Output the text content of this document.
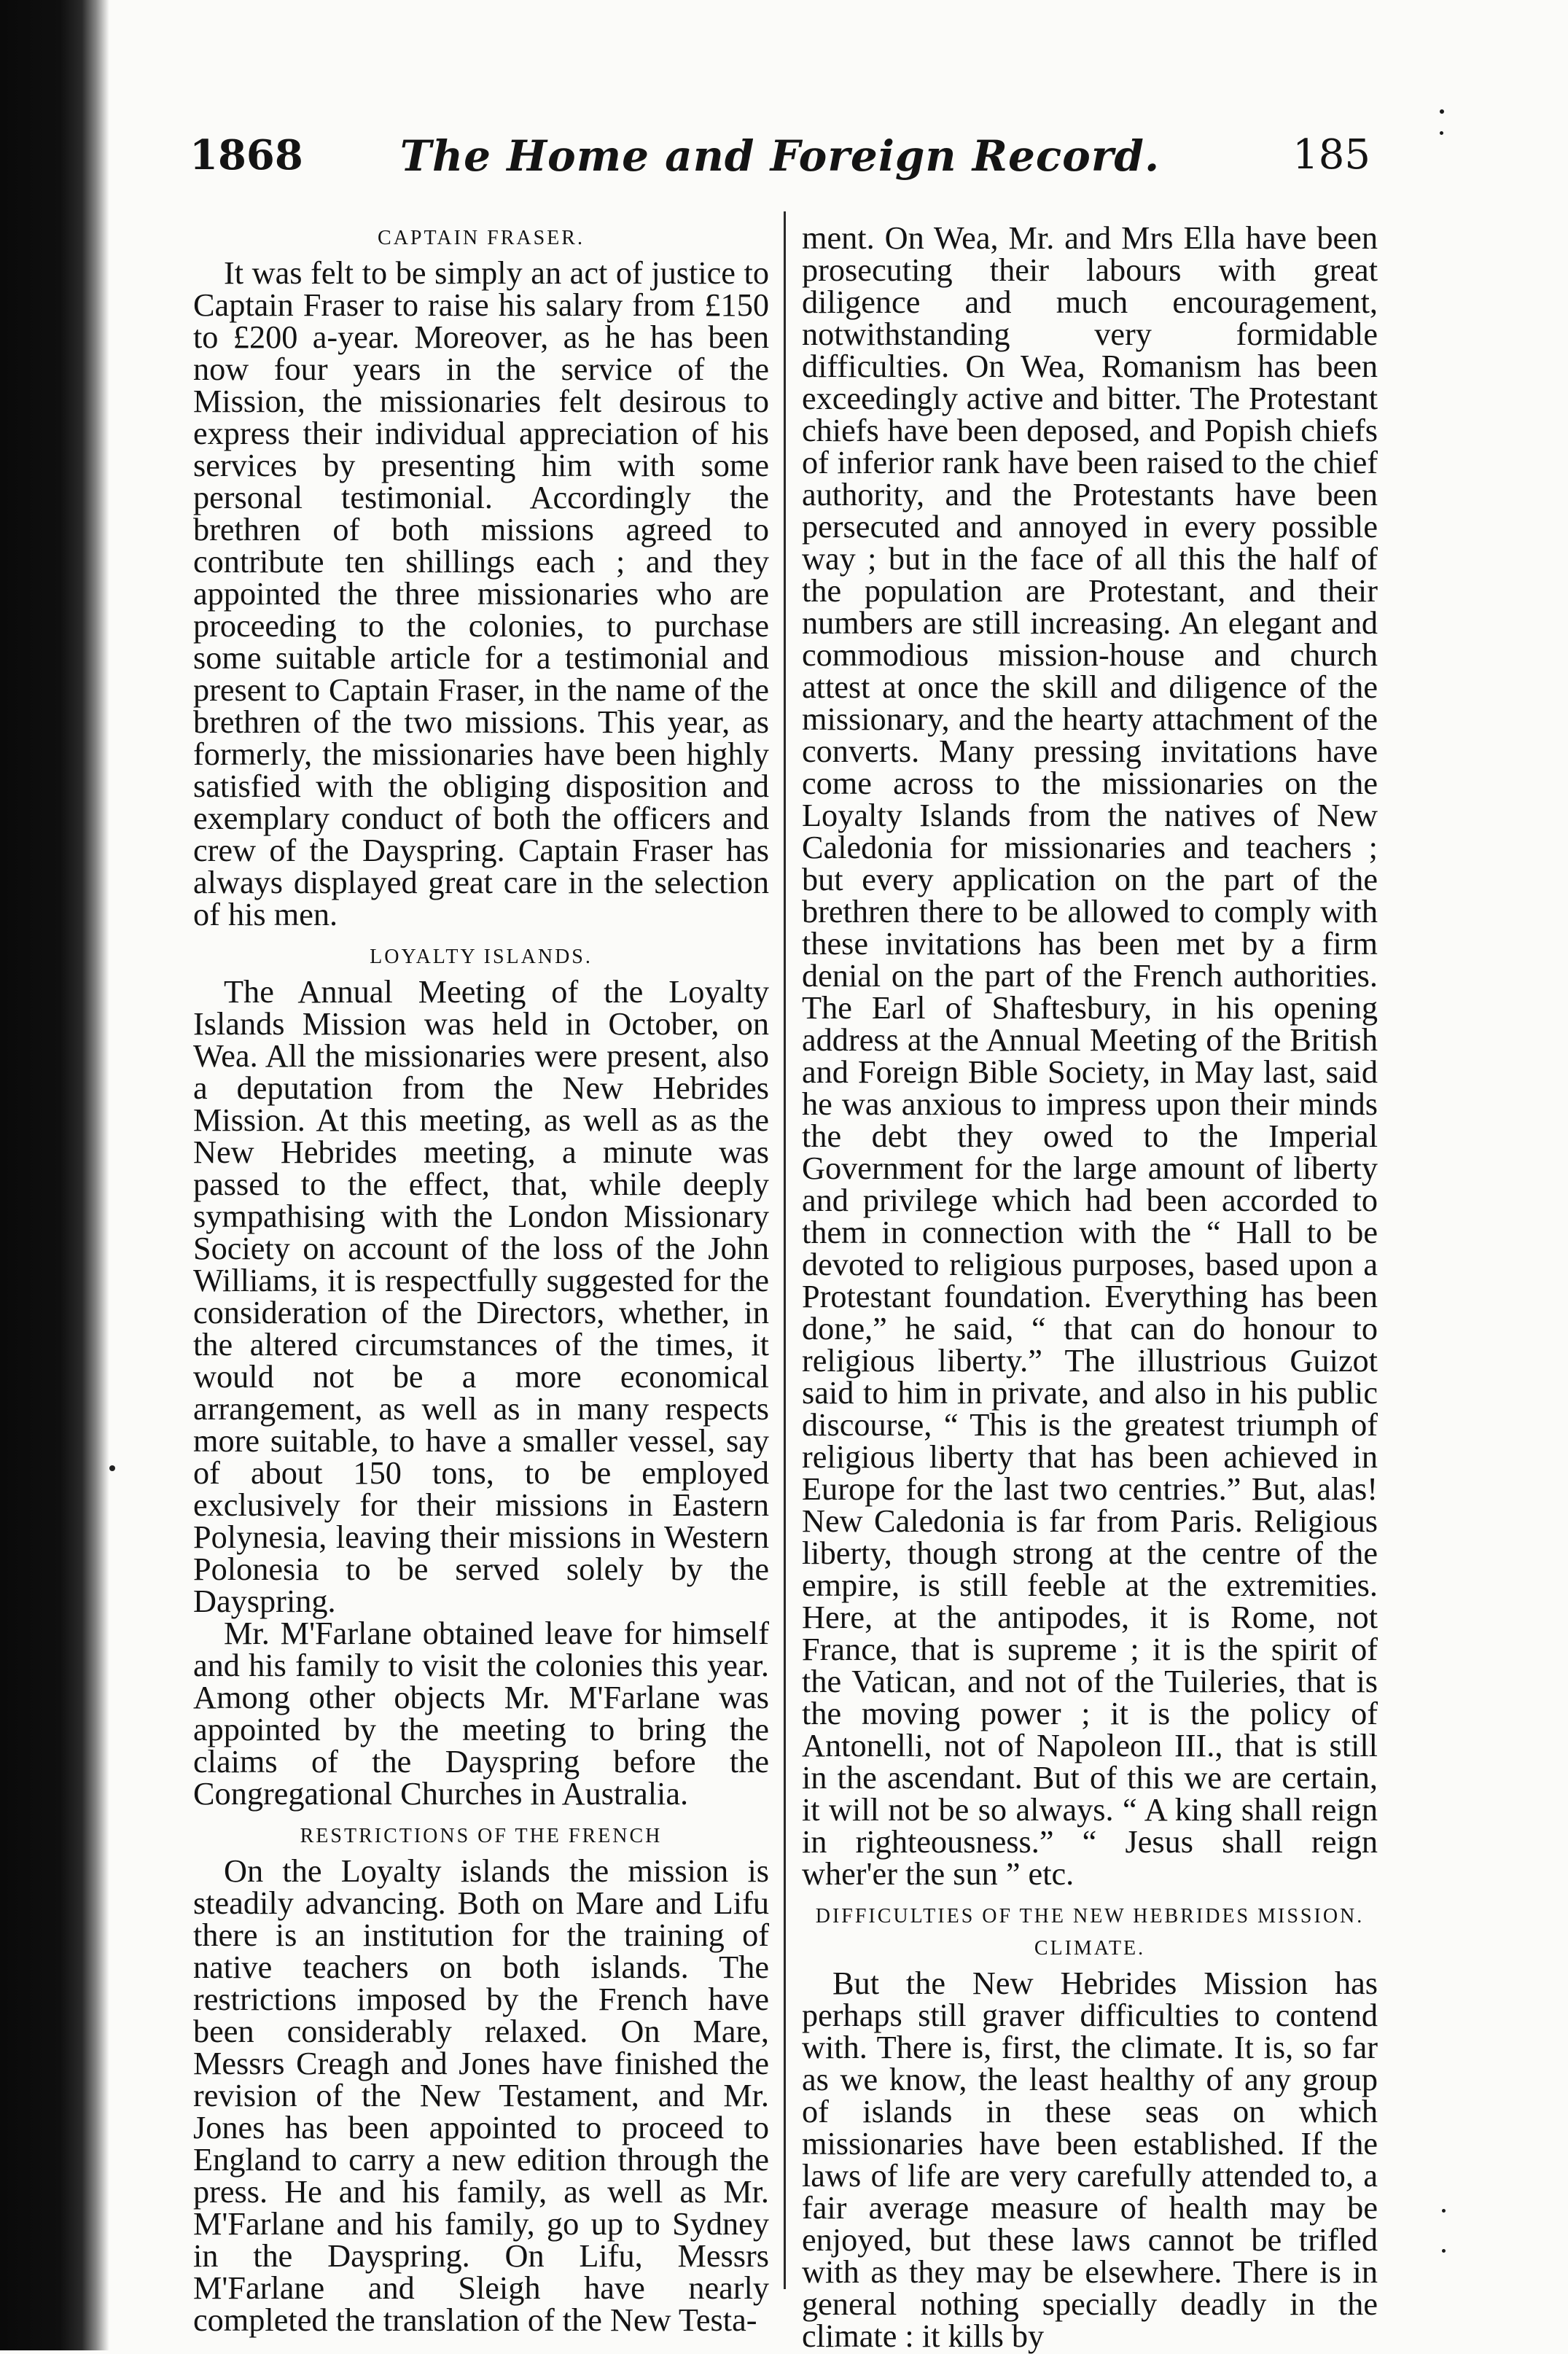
1868	The Home and Foreign Record.	185
CAPTAIN FRASER.

It was felt to be simply an act of justice to Captain Fraser to raise his salary from £150 to £200 a-year. Moreover, as he has been now four years in the service of the Mission, the missionaries felt desirous to express their individual appreciation of his services by presenting him with some personal testimonial. Accordingly the brethren of both missions agreed to contribute ten shillings each ; and they appointed the three missionaries who are proceeding to the colonies, to purchase some suitable article for a testimonial and present to Captain Fraser, in the name of the brethren of the two missions. This year, as formerly, the missionaries have been highly satisfied with the obliging disposition and exemplary conduct of both the officers and crew of the Dayspring. Captain Fraser has always displayed great care in the selection of his men.

LOYALTY ISLANDS.

The Annual Meeting of the Loyalty Islands Mission was held in October, on Wea. All the missionaries were present, also a deputation from the New Hebrides Mission. At this meeting, as well as as the New Hebrides meeting, a minute was passed to the effect, that, while deeply sympathising with the London Missionary Society on account of the loss of the John Williams, it is respectfully suggested for the consideration of the Directors, whether, in the altered circumstances of the times, it would not be a more economical arrangement, as well as in many respects more suitable, to have a smaller vessel, say of about 150 tons, to be employed exclusively for their missions in Eastern Polynesia, leaving their missions in Western Polonesia to be served solely by the Dayspring.

Mr. M'Farlane obtained leave for himself and his family to visit the colonies this year. Among other objects Mr. M'Farlane was appointed by the meeting to bring the claims of the Dayspring before the Congregational Churches in Australia.

RESTRICTIONS OF THE FRENCH

On the Loyalty islands the mission is steadily advancing. Both on Mare and Lifu there is an institution for the training of native teachers on both islands. The restrictions imposed by the French have been considerably relaxed. On Mare, Messrs Creagh and Jones have finished the revision of the New Testament, and Mr. Jones has been appointed to proceed to England to carry a new edition through the press. He and his family, as well as Mr. M'Farlane and his family, go up to Sydney in the Dayspring. On Lifu, Messrs M'Farlane and Sleigh have nearly completed the translation of the New Testa-

ment. On Wea, Mr. and Mrs Ella have been prosecuting their labours with great diligence and much encouragement, notwithstanding very formidable difficulties. On Wea, Romanism has been exceedingly active and bitter. The Protestant chiefs have been deposed, and Popish chiefs of inferior rank have been raised to the chief authority, and the Protestants have been persecuted and annoyed in every possible way ; but in the face of all this the half of the population are Protestant, and their numbers are still increasing. An elegant and commodious mission-house and church attest at once the skill and diligence of the missionary, and the hearty attachment of the converts. Many pressing invitations have come across to the missionaries on the Loyalty Islands from the natives of New Caledonia for missionaries and teachers ; but every application on the part of the brethren there to be allowed to comply with these invitations has been met by a firm denial on the part of the French authorities. The Earl of Shaftesbury, in his opening address at the Annual Meeting of the British and Foreign Bible Society, in May last, said he was anxious to impress upon their minds the debt they owed to the Imperial Government for the large amount of liberty and privilege which had been accorded to them in connection with the “ Hall to be devoted to religious purposes, based upon a Protestant foundation. Everything has been done,” he said, “ that can do honour to religious liberty.” The illustrious Guizot said to him in private, and also in his public discourse, “ This is the greatest triumph of religious liberty that has been achieved in Europe for the last two centries.” But, alas! New Caledonia is far from Paris. Religious liberty, though strong at the centre of the empire, is still feeble at the extremities. Here, at the antipodes, it is Rome, not France, that is supreme ; it is the spirit of the Vatican, and not of the Tuileries, that is the moving power ; it is the policy of Antonelli, not of Napoleon III., that is still in the ascendant. But of this we are certain, it will not be so always. “ A king shall reign in righteousness.” “ Jesus shall reign wher'er the sun ” etc.

DIFFICULTIES OF THE NEW HEBRIDES MISSION. CLIMATE.

But the New Hebrides Mission has perhaps still graver difficulties to contend with. There is, first, the climate. It is, so far as we know, the least healthy of any group of islands in these seas on which missionaries have been established. If the laws of life are very carefully attended to, a fair average measure of health may be enjoyed, but these laws cannot be trifled with as they may be elsewhere. There is in general nothing specially deadly in the climate : it kills by
